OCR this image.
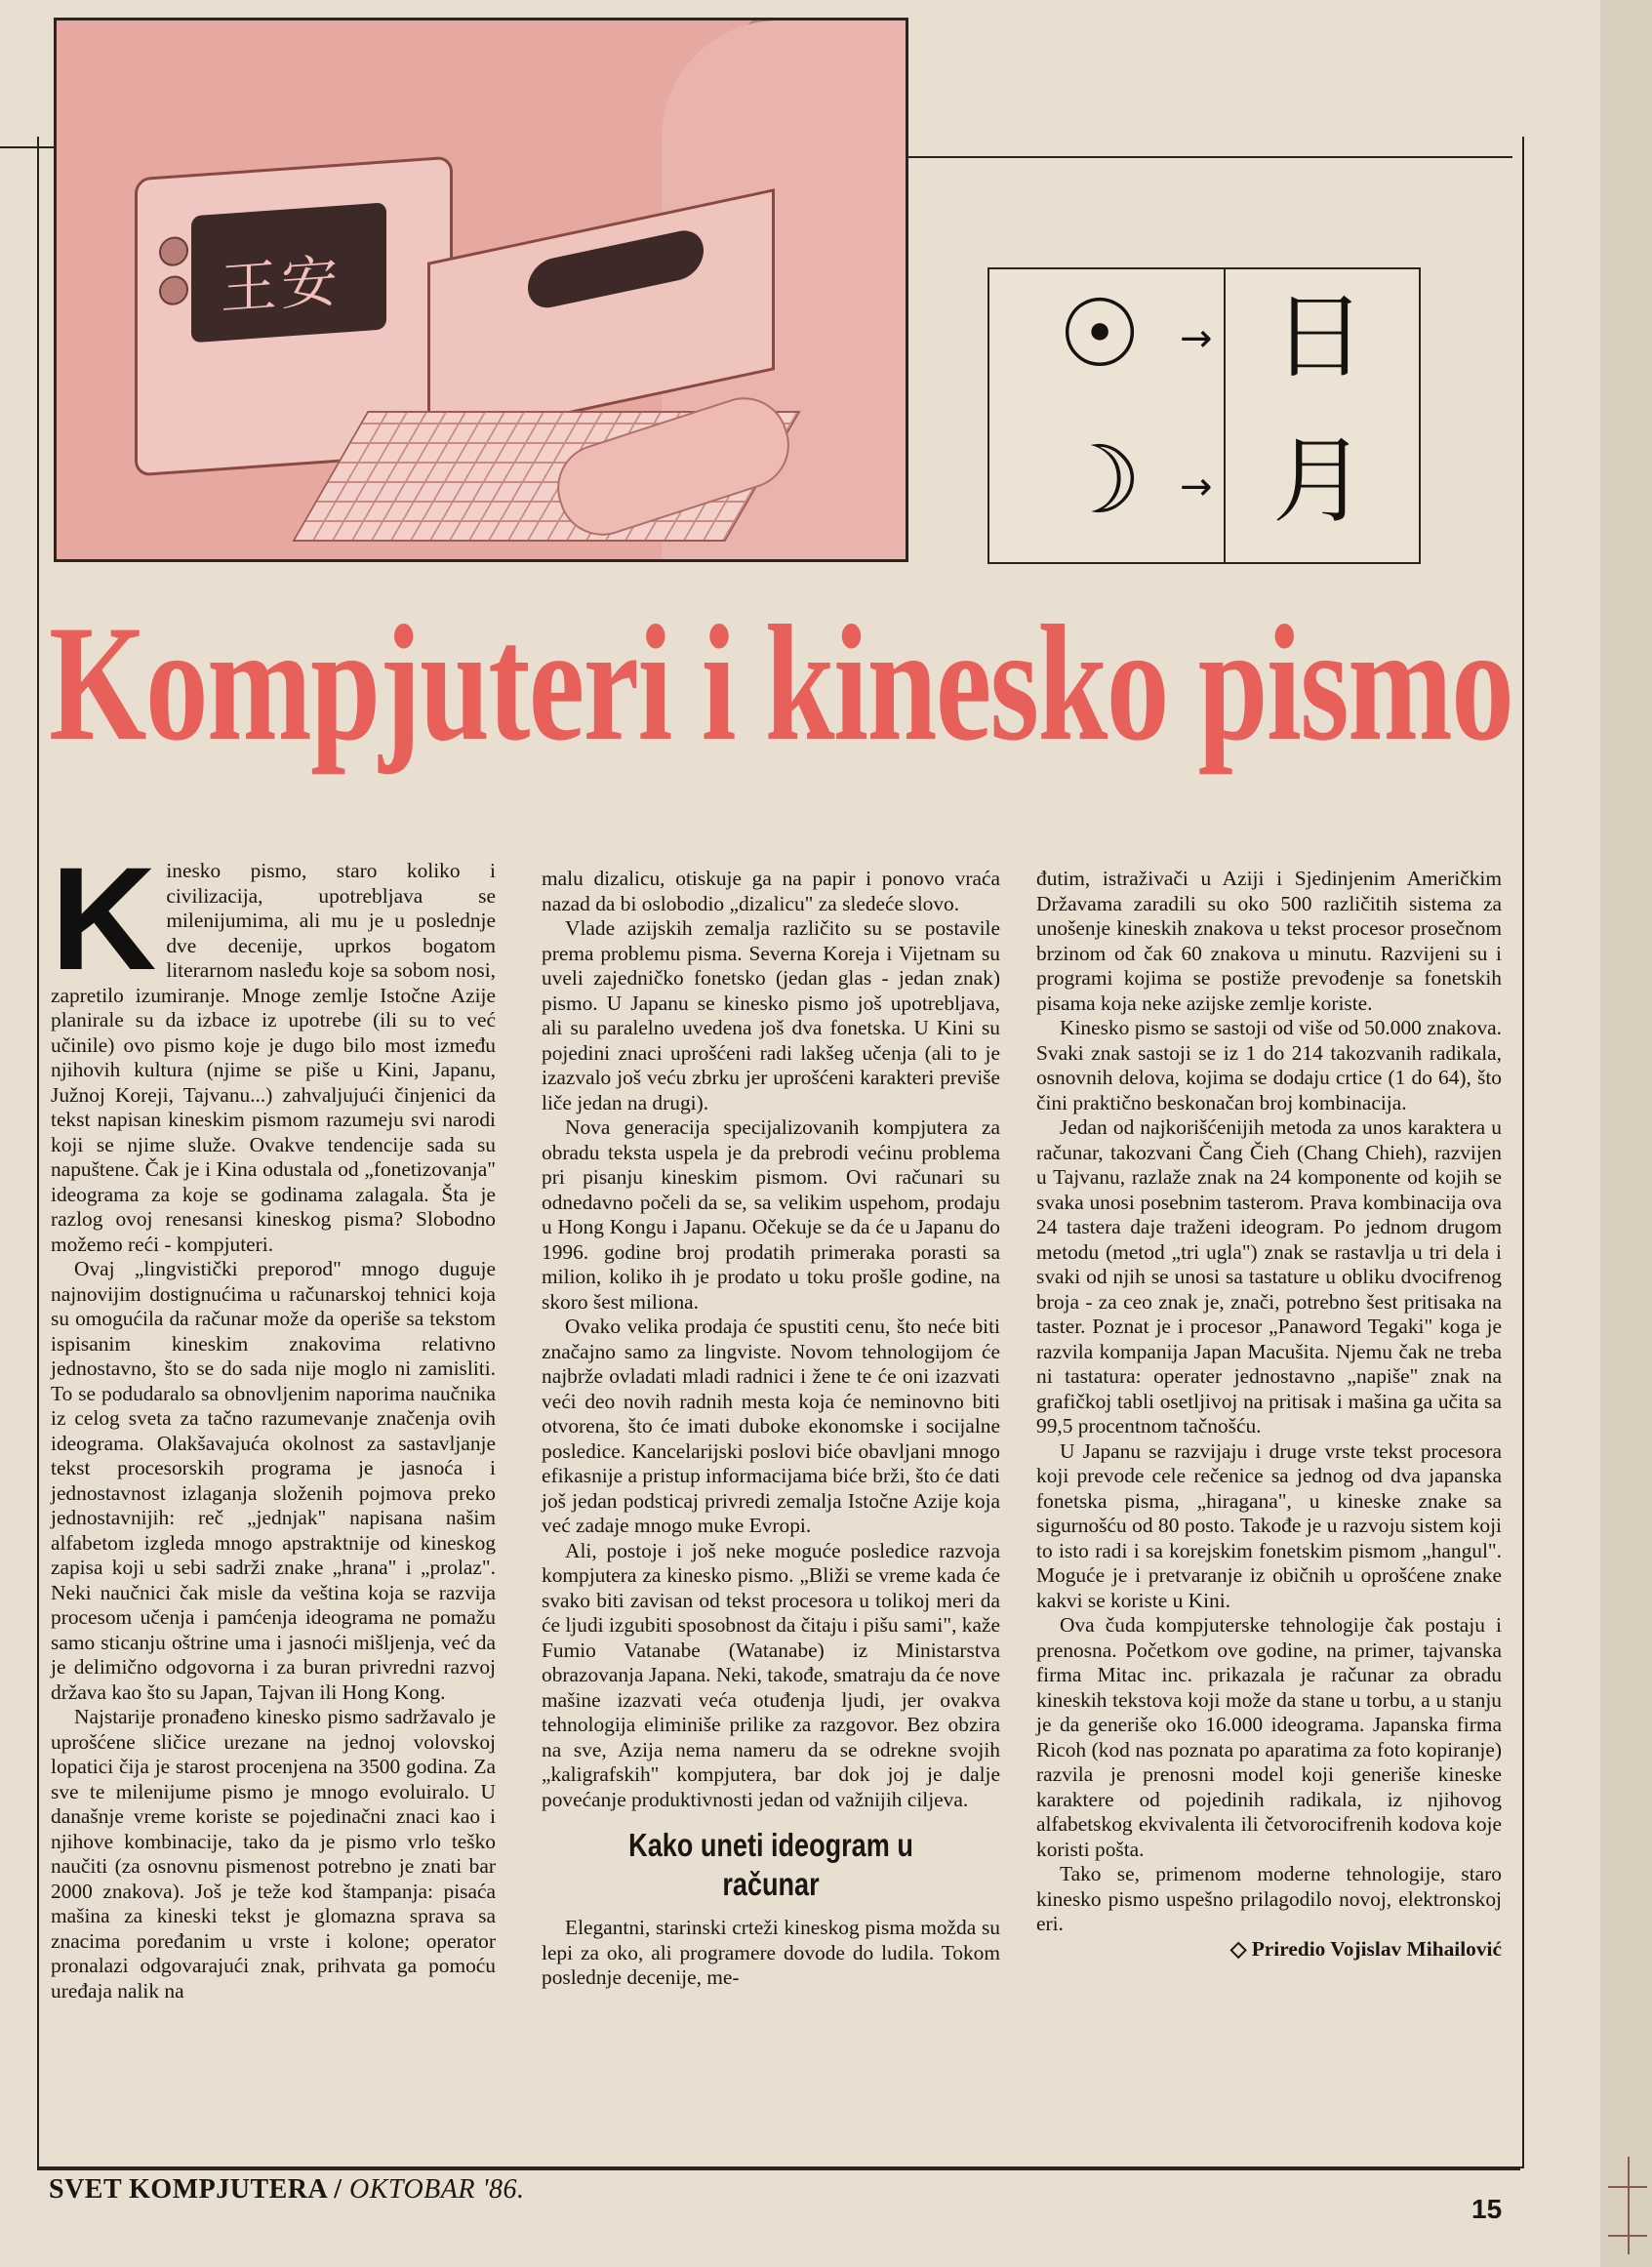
王安	☉ → 日
☽ → 月
Kompjuteri i kinesko pismo
K inesko pismo, staro koliko i civilizacija, upotrebljava se milenijumima, ali mu je u poslednje dve decenije, uprkos bogatom literarnom nasleđu koje sa sobom nosi, zapretilo izumiranje. Mnoge zemlje Istočne Azije planirale su da izbace iz upotrebe (ili su to već učinile) ovo pismo koje je dugo bilo most između njihovih kultura (njime se piše u Kini, Japanu, Južnoj Koreji, Tajvanu...) zahvaljujući činjenici da tekst napisan kineskim pismom razumeju svi narodi koji se njime služe. Ovakve tendencije sada su napuštene. Čak je i Kina odustala od „fonetizovanja" ideograma za koje se godinama zalagala. Šta je razlog ovoj renesansi kineskog pisma? Slobodno možemo reći - kompjuteri.

Ovaj „lingvistički preporod" mnogo duguje najnovijim dostignućima u računarskoj tehnici koja su omogućila da računar može da operiše sa tekstom ispisanim kineskim znakovima relativno jednostavno, što se do sada nije moglo ni zamisliti. To se podudaralo sa obnovljenim naporima naučnika iz celog sveta za tačno razumevanje značenja ovih ideograma. Olakšavajuća okolnost za sastavljanje tekst procesorskih programa je jasnoća i jednostavnost izlaganja složenih pojmova preko jednostavnijih: reč „jednjak" napisana našim alfabetom izgleda mnogo apstraktnije od kineskog zapisa koji u sebi sadrži znake „hrana" i „prolaz". Neki naučnici čak misle da veština koja se razvija procesom učenja i pamćenja ideograma ne pomažu samo sticanju oštrine uma i jasnoći mišljenja, već da je delimično odgovorna i za buran privredni razvoj država kao što su Japan, Tajvan ili Hong Kong.

Najstarije pronađeno kinesko pismo sadržavalo je uprošćene sličice urezane na jednoj volovskoj lopatici čija je starost procenjena na 3500 godina. Za sve te milenijume pismo je mnogo evoluiralo. U današnje vreme koriste se pojedinačni znaci kao i njihove kombinacije, tako da je pismo vrlo teško naučiti (za osnovnu pismenost potrebno je znati bar 2000 znakova). Još je teže kod štampanja: pisaća mašina za kineski tekst je glomazna sprava sa znacima poređanim u vrste i kolone; operator pronalazi odgovarajući znak, prihvata ga pomoću uređaja nalik na

malu dizalicu, otiskuje ga na papir i ponovo vraća nazad da bi oslobodio „dizalicu" za sledeće slovo.

Vlade azijskih zemalja različito su se postavile prema problemu pisma. Severna Koreja i Vijetnam su uveli zajedničko fonetsko (jedan glas - jedan znak) pismo. U Japanu se kinesko pismo još upotrebljava, ali su paralelno uvedena još dva fonetska. U Kini su pojedini znaci uprošćeni radi lakšeg učenja (ali to je izazvalo još veću zbrku jer uprošćeni karakteri previše liče jedan na drugi).

Nova generacija specijalizovanih kompjutera za obradu teksta uspela je da prebrodi većinu problema pri pisanju kineskim pismom. Ovi računari su odnedavno počeli da se, sa velikim uspehom, prodaju u Hong Kongu i Japanu. Očekuje se da će u Japanu do 1996. godine broj prodatih primeraka porasti sa milion, koliko ih je prodato u toku prošle godine, na skoro šest miliona.

Ovako velika prodaja će spustiti cenu, što neće biti značajno samo za lingviste. Novom tehnologijom će najbrže ovladati mladi radnici i žene te će oni izazvati veći deo novih radnih mesta koja će neminovno biti otvorena, što će imati duboke ekonomske i socijalne posledice. Kancelarijski poslovi biće obavljani mnogo efikasnije a pristup informacijama biće brži, što će dati još jedan podsticaj privredi zemalja Istočne Azije koja već zadaje mnogo muke Evropi.

Ali, postoje i još neke moguće posledice razvoja kompjutera za kinesko pismo. „Bliži se vreme kada će svako biti zavisan od tekst procesora u tolikoj meri da će ljudi izgubiti sposobnost da čitaju i pišu sami", kaže Fumio Vatanabe (Watanabe) iz Ministarstva obrazovanja Japana. Neki, takođe, smatraju da će nove mašine izazvati veća otuđenja ljudi, jer ovakva tehnologija eliminiše prilike za razgovor. Bez obzira na sve, Azija nema nameru da se odrekne svojih „kaligrafskih" kompjutera, bar dok joj je dalje povećanje produktivnosti jedan od važnijih ciljeva.

Kako uneti ideogram u računar

Elegantni, starinski crteži kineskog pisma možda su lepi za oko, ali programere dovode do ludila. Tokom poslednje decenije, me-

đutim, istraživači u Aziji i Sjedinjenim Američkim Državama zaradili su oko 500 različitih sistema za unošenje kineskih znakova u tekst procesor prosečnom brzinom od čak 60 znakova u minutu. Razvijeni su i programi kojima se postiže prevođenje sa fonetskih pisama koja neke azijske zemlje koriste.

Kinesko pismo se sastoji od više od 50.000 znakova. Svaki znak sastoji se iz 1 do 214 takozvanih radikala, osnovnih delova, kojima se dodaju crtice (1 do 64), što čini praktično beskonačan broj kombinacija.

Jedan od najkorišćenijih metoda za unos karaktera u računar, takozvani Čang Čieh (Chang Chieh), razvijen u Tajvanu, razlaže znak na 24 komponente od kojih se svaka unosi posebnim tasterom. Prava kombinacija ova 24 tastera daje traženi ideogram. Po jednom drugom metodu (metod „tri ugla") znak se rastavlja u tri dela i svaki od njih se unosi sa tastature u obliku dvocifrenog broja - za ceo znak je, znači, potrebno šest pritisaka na taster. Poznat je i procesor „Panaword Tegaki" koga je razvila kompanija Japan Macušita. Njemu čak ne treba ni tastatura: operater jednostavno „napiše" znak na grafičkoj tabli osetljivoj na pritisak i mašina ga učita sa 99,5 procentnom tačnošću.

U Japanu se razvijaju i druge vrste tekst procesora koji prevode cele rečenice sa jednog od dva japanska fonetska pisma, „hiragana", u kineske znake sa sigurnošću od 80 posto. Takođe je u razvoju sistem koji to isto radi i sa korejskim fonetskim pismom „hangul". Moguće je i pretvaranje iz običnih u oprošćene znake kakvi se koriste u Kini.

Ova čuda kompjuterske tehnologije čak postaju i prenosna. Početkom ove godine, na primer, tajvanska firma Mitac inc. prikazala je računar za obradu kineskih tekstova koji može da stane u torbu, a u stanju je da generiše oko 16.000 ideograma. Japanska firma Ricoh (kod nas poznata po aparatima za foto kopiranje) razvila je prenosni model koji generiše kineske karaktere od pojedinih radikala, iz njihovog alfabetskog ekvivalenta ili četvorocifrenih kodova koje koristi pošta.

Tako se, primenom moderne tehnologije, staro kinesko pismo uspešno prilagodilo novoj, elektronskoj eri.

◇ Priredio Vojislav Mihailović

SVET KOMPJUTERA / OKTOBAR '86.
15
